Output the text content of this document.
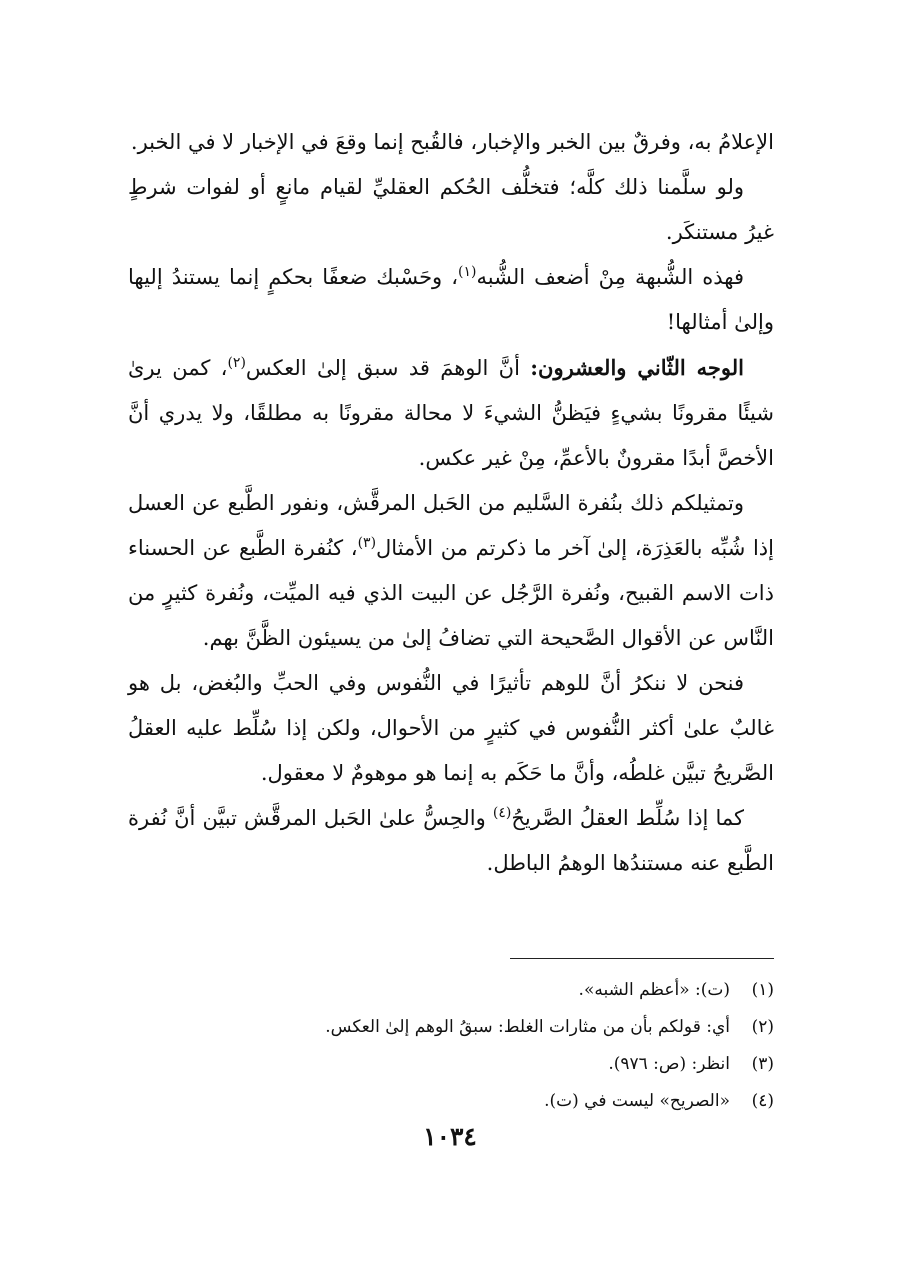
الإعلامُ به، وفرقٌ بين الخبر والإخبار، فالقُبح إنما وقعَ في الإخبار لا في الخبر.

ولو سلَّمنا ذلك كلَّه؛ فتخلُّف الحُكم العقليِّ لقيام مانعٍ أو لفوات شرطٍ غيرُ مستنكَر.

فهذه الشُّبهة مِنْ أضعف الشُّبه$^{(١)}$، وحَسْبك ضعفًا بحكمٍ إنما يستندُ إليها وإلىٰ أمثالها!

الوجه الثّاني والعشرون: أنَّ الوهمَ قد سبق إلىٰ العكس$^{(٢)}$، كمن يرىٰ شيئًا مقرونًا بشيءٍ فيَظنُّ الشيءَ لا محالة مقرونًا به مطلقًا، ولا يدري أنَّ الأخصَّ أبدًا مقرونٌ بالأعمِّ، مِنْ غير عكس.

وتمثيلكم ذلك بنُفرة السَّليم من الحَبل المرقَّش، ونفور الطَّبع عن العسل إذا شُبِّه بالعَذِرَة، إلىٰ آخر ما ذكرتم من الأمثال$^{(٣)}$، كنُفرة الطَّبع عن الحسناء ذات الاسم القبيح، ونُفرة الرَّجُل عن البيت الذي فيه الميِّت، ونُفرة كثيرٍ من النَّاس عن الأقوال الصَّحيحة التي تضافُ إلىٰ من يسيئون الظَّنَّ بهم.

فنحن لا ننكرُ أنَّ للوهم تأثيرًا في النُّفوس وفي الحبِّ والبُغض، بل هو غالبٌ علىٰ أكثر النُّفوس في كثيرٍ من الأحوال، ولكن إذا سُلِّط عليه العقلُ الصَّريحُ تبيَّن غلطُه، وأنَّ ما حَكَم به إنما هو موهومٌ لا معقول.

كما إذا سُلِّط العقلُ الصَّريحُ$^{(٤)}$ والحِسُّ علىٰ الحَبل المرقَّش تبيَّن أنَّ نُفرة الطَّبع عنه مستندُها الوهمُ الباطل.

(١)
(ت): «أعظم الشبه».
(٢)
أي: قولكم بأن من مثارات الغلط: سبقُ الوهم إلىٰ العكس.
(٣)
انظر: (ص: ٩٧٦).
(٤)
«الصريح» ليست في (ت).
١٠٣٤
